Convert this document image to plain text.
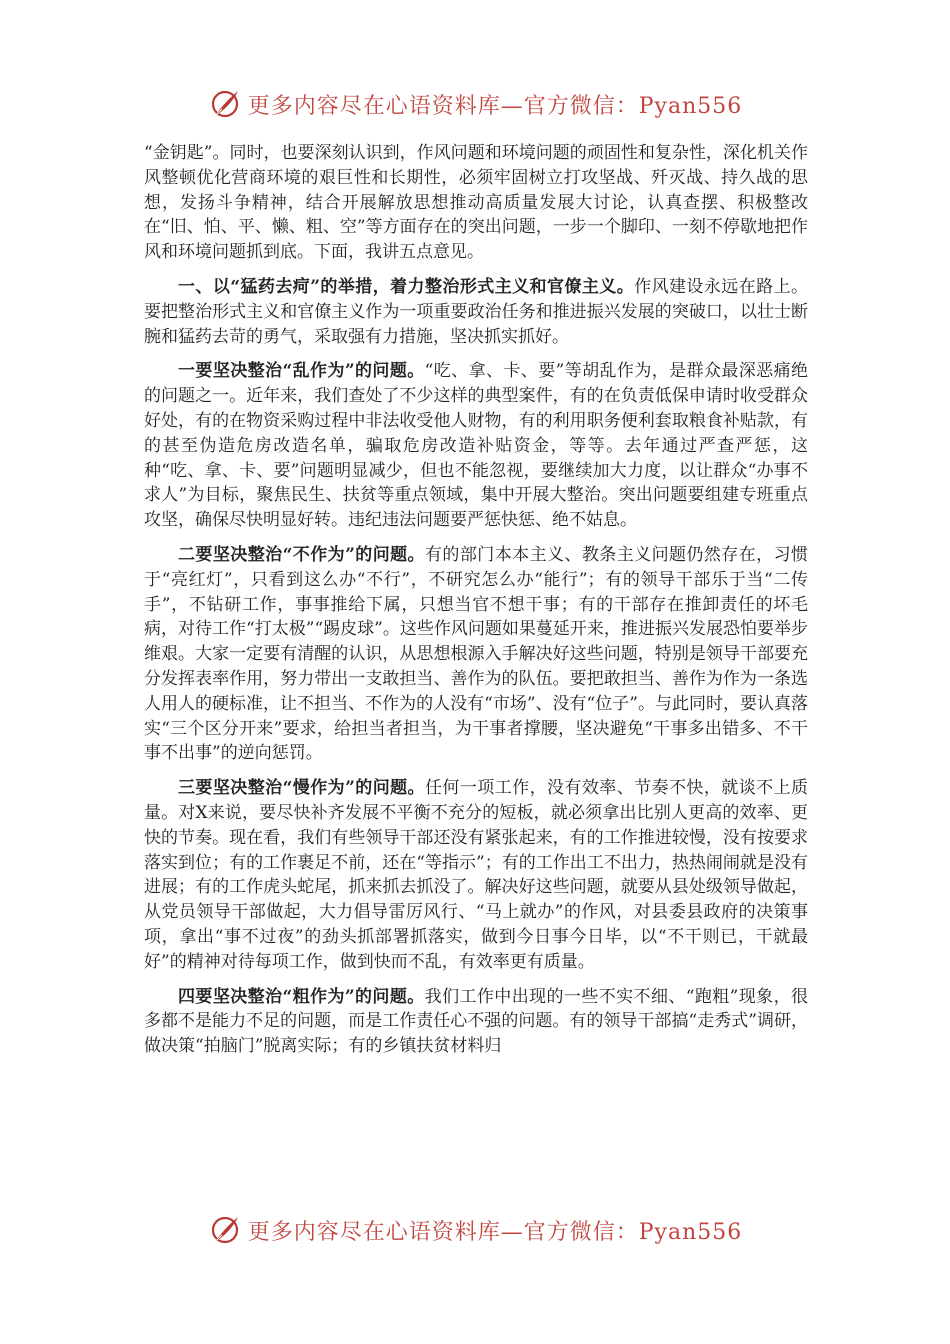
更多内容尽在心语资料库—官方微信：Pyan556

“金钥匙”。同时，也要深刻认识到，作风问题和环境问题的顽固性和复杂性，深化机关作风整顿优化营商环境的艰巨性和长期性，必须牢固树立打攻坚战、歼灭战、持久战的思想，发扬斗争精神，结合开展解放思想推动高质量发展大讨论，认真查摆、积极整改在“旧、怕、平、懒、粗、空”等方面存在的突出问题，一步一个脚印、一刻不停歇地把作风和环境问题抓到底。下面，我讲五点意见。

一、以“猛药去疴”的举措，着力整治形式主义和官僚主义。作风建设永远在路上。要把整治形式主义和官僚主义作为一项重要政治任务和推进振兴发展的突破口，以壮士断腕和猛药去苛的勇气，采取强有力措施，坚决抓实抓好。

一要坚决整治“乱作为”的问题。“吃、拿、卡、要”等胡乱作为，是群众最深恶痛绝的问题之一。近年来，我们查处了不少这样的典型案件，有的在负责低保申请时收受群众好处，有的在物资采购过程中非法收受他人财物，有的利用职务便利套取粮食补贴款，有的甚至伪造危房改造名单，骗取危房改造补贴资金，等等。去年通过严查严惩，这种“吃、拿、卡、要”问题明显减少，但也不能忽视，要继续加大力度，以让群众“办事不求人”为目标，聚焦民生、扶贫等重点领域，集中开展大整治。突出问题要组建专班重点攻坚，确保尽快明显好转。违纪违法问题要严惩快惩、绝不姑息。

二要坚决整治“不作为”的问题。有的部门本本主义、教条主义问题仍然存在，习惯于“亮红灯”，只看到这么办“不行”，不研究怎么办“能行”；有的领导干部乐于当“二传手”，不钻研工作，事事推给下属，只想当官不想干事；有的干部存在推卸责任的坏毛病，对待工作“打太极”“踢皮球”。这些作风问题如果蔓延开来，推进振兴发展恐怕要举步维艰。大家一定要有清醒的认识，从思想根源入手解决好这些问题，特别是领导干部要充分发挥表率作用，努力带出一支敢担当、善作为的队伍。要把敢担当、善作为作为一条选人用人的硬标准，让不担当、不作为的人没有“市场”、没有“位子”。与此同时，要认真落实“三个区分开来”要求，给担当者担当，为干事者撑腰，坚决避免“干事多出错多、不干事不出事”的逆向惩罚。

三要坚决整治“慢作为”的问题。任何一项工作，没有效率、节奏不快，就谈不上质量。对X来说，要尽快补齐发展不平衡不充分的短板，就必须拿出比别人更高的效率、更快的节奏。现在看，我们有些领导干部还没有紧张起来，有的工作推进较慢，没有按要求落实到位；有的工作裹足不前，还在“等指示”；有的工作出工不出力，热热闹闹就是没有进展；有的工作虎头蛇尾，抓来抓去抓没了。解决好这些问题，就要从县处级领导做起，从党员领导干部做起，大力倡导雷厉风行、“马上就办”的作风，对县委县政府的决策事项，拿出“事不过夜”的劲头抓部署抓落实，做到今日事今日毕，以“不干则已，干就最好”的精神对待每项工作，做到快而不乱，有效率更有质量。

四要坚决整治“粗作为”的问题。我们工作中出现的一些不实不细、“跑粗”现象，很多都不是能力不足的问题，而是工作责任心不强的问题。有的领导干部搞“走秀式”调研，做决策“拍脑门”脱离实际；有的乡镇扶贫材料归

更多内容尽在心语资料库—官方微信：Pyan556
